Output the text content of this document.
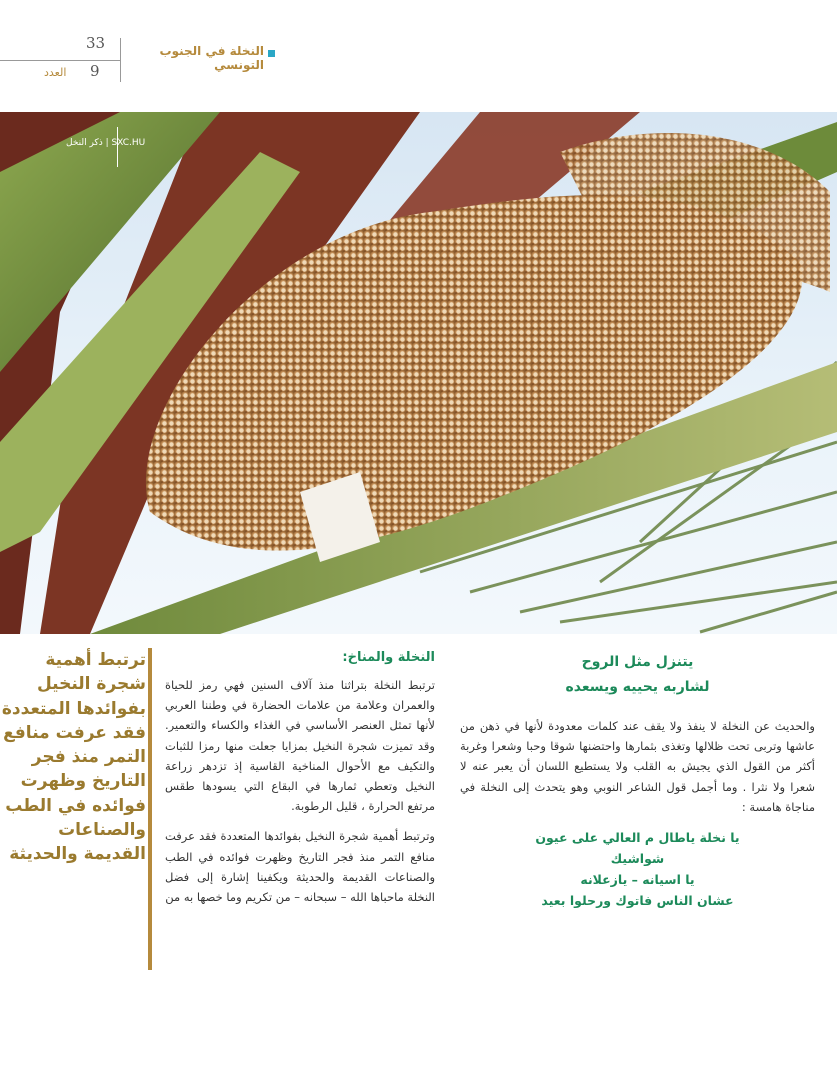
33
العدد 9
النخلة في الجنوب التونسي
SXC.HU | ذكر النخل
ترتبط أهمية شجرة النخيل بفوائدها المتعددة فقد عرفت منافع التمر منذ فجر التاريخ وظهرت فوائده في الطب والصناعات القديمة والحديثة
النخلة والمناخ:

ترتبط النخلة بتراثنا منذ آلاف السنين فهي رمز للحياة والعمران وعلامة من علامات الحضارة في وطننا العربي لأنها تمثل العنصر الأساسي في الغذاء والكساء والتعمير. وقد تميزت شجرة النخيل بمزايا جعلت منها رمزا للثبات والتكيف مع الأحوال المناخية القاسية إذ تزدهر زراعة النخيل وتعطي ثمارها في البقاع التي يسودها طقس مرتفع الحرارة ، قليل الرطوبة.

وترتبط أهمية شجرة النخيل بفوائدها المتعددة فقد عرفت منافع التمر منذ فجر التاريخ وظهرت فوائده في الطب والصناعات القديمة والحديثة ويكفينا إشارة إلى فضل النخلة ماحباها الله – سبحانه – من تكريم وما خصها به من

يتنزل مثل الروح
لشاربه يحييه ويسعده

والحديث عن النخلة لا ينفذ ولا يقف عند كلمات معدودة لأنها في ذهن من عاشها وتربى تحت ظلالها وتغذى بثمارها واحتضنها شوقا وحبا وشعرا وغربة أكثر من القول الذي يجيش به القلب ولا يستطيع اللسان أن يعبر عنه لا شعرا ولا نثرا . وما أجمل قول الشاعر النوبي وهو يتحدث إلى النخلة في مناجاة هامسة :

يا نخلة ياطال م العالي على عيون
شواشيك
يا اسيانه – يازعلانه
عشان الناس فاتوك ورحلوا بعيد
